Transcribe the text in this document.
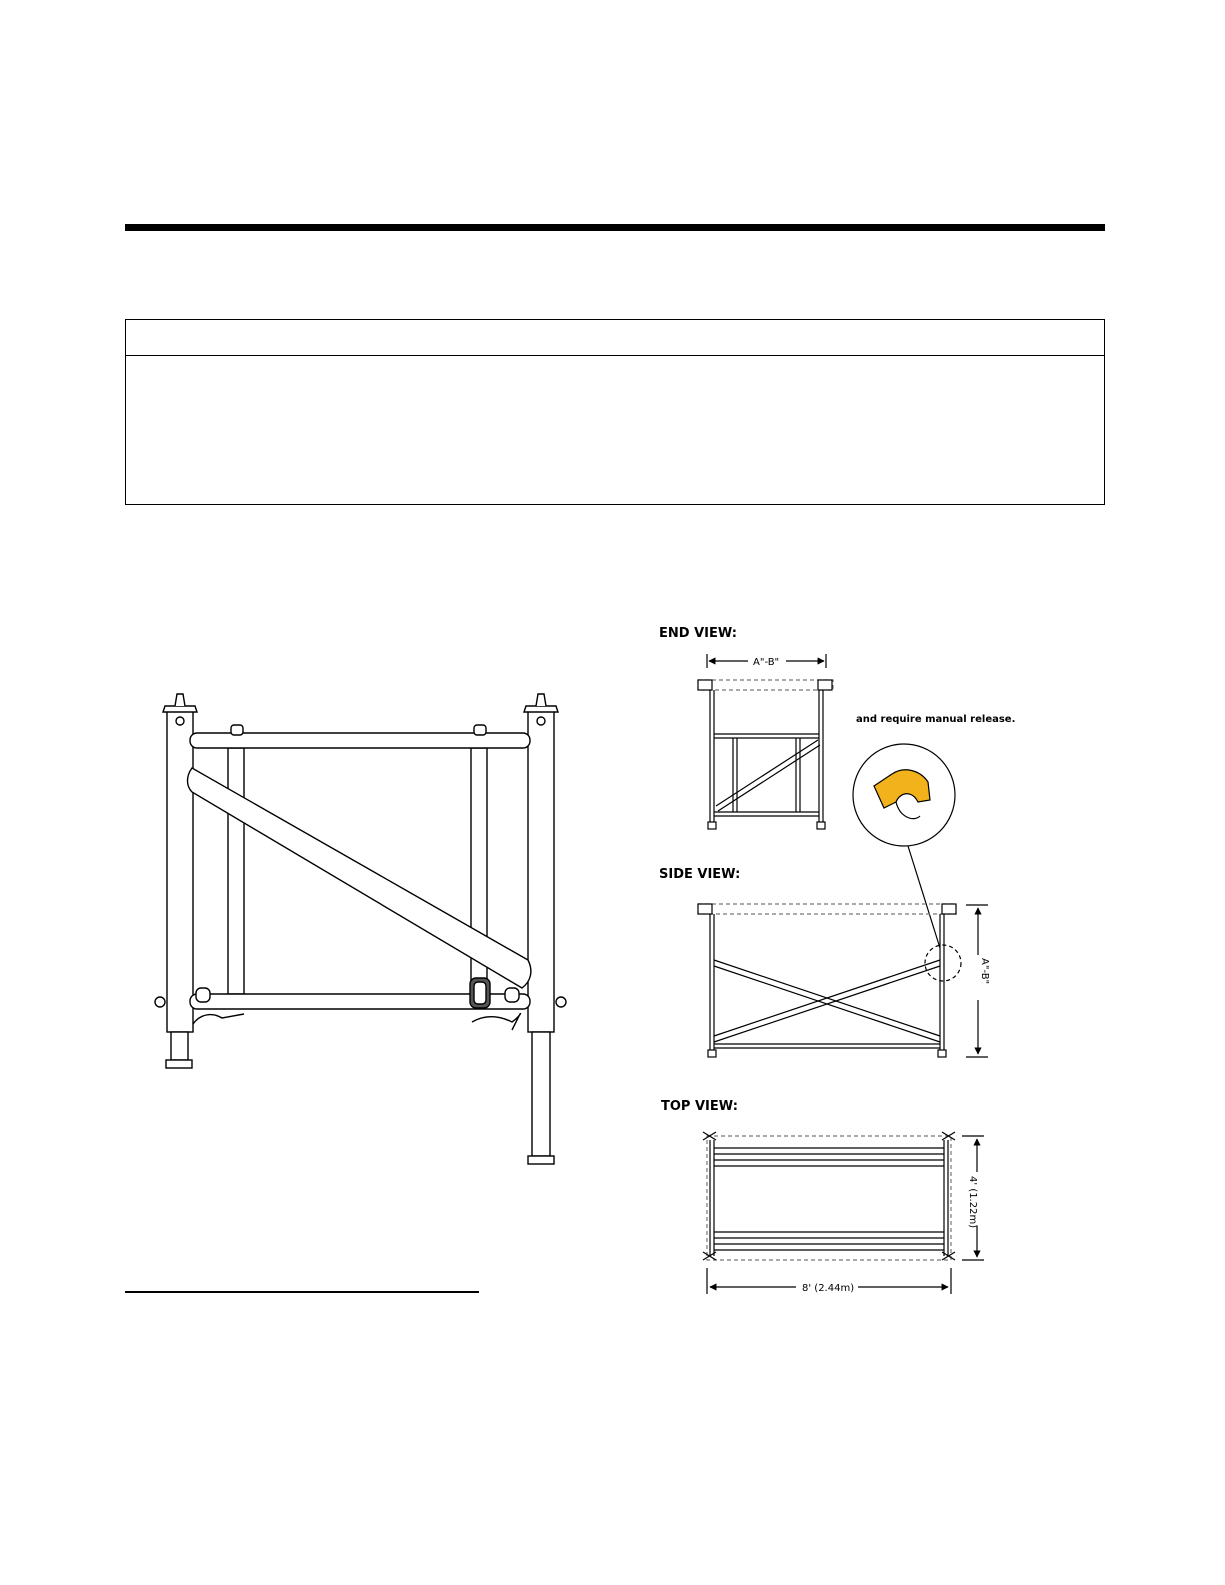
END VIEW:
and require manual release.
SIDE VIEW:
A"-B"
TOP VIEW:
4' (1.22m)
8' (2.44m)
A"-B"
